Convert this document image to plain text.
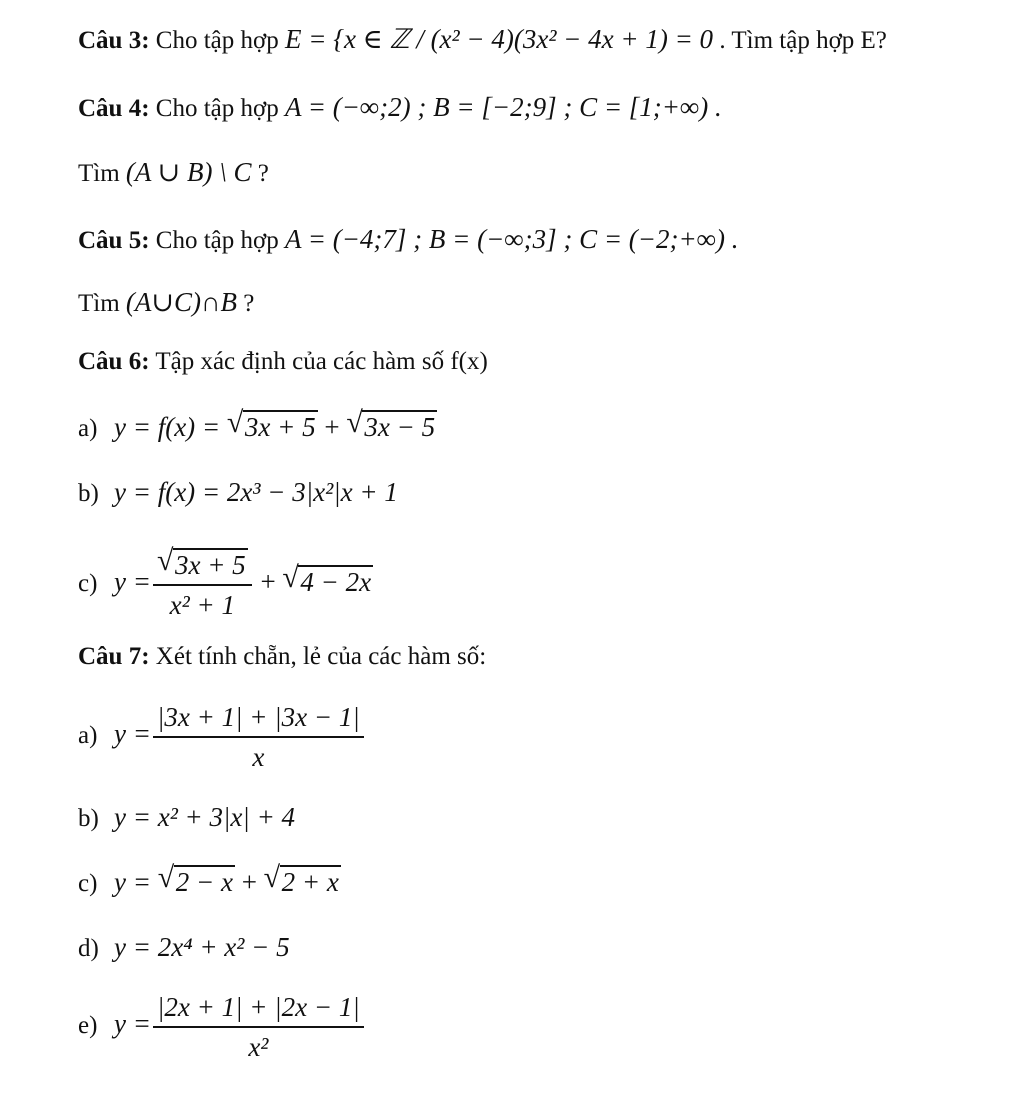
Câu 3: Cho tập hợp E = {x ∈ ℤ / (x² − 4)(3x² − 4x + 1) = 0 . Tìm tập hợp E?
Câu 4: Cho tập hợp A = (−∞;2) ; B = [−2;9] ; C = [1;+∞) .
Tìm (A ∪ B) \ C ?
Câu 5: Cho tập hợp A = (−4;7] ; B = (−∞;3] ; C = (−2;+∞) .
Tìm (A∪C)∩B ?
Câu 6: Tập xác định của các hàm số f(x)
a) y = f(x) = √ 3x + 5 + √ 3x − 5
b) y = f(x) = 2x³ − 3|x²|x + 1
c) $y = \frac{√ 3x + 5}{\text{x² + 1}}$ + √ 4 − 2x
Câu 7: Xét tính chẵn, lẻ của các hàm số:
a) $y = \frac{|3x + 1| + |3x - 1|}{x}$
b) y = x² + 3|x| + 4
c) y = √ 2 − x + √ 2 + x
d) y = 2x⁴ + x² − 5
e) $y = \frac{|2x + 1| + |2x - 1|}{\text{x²}}$
